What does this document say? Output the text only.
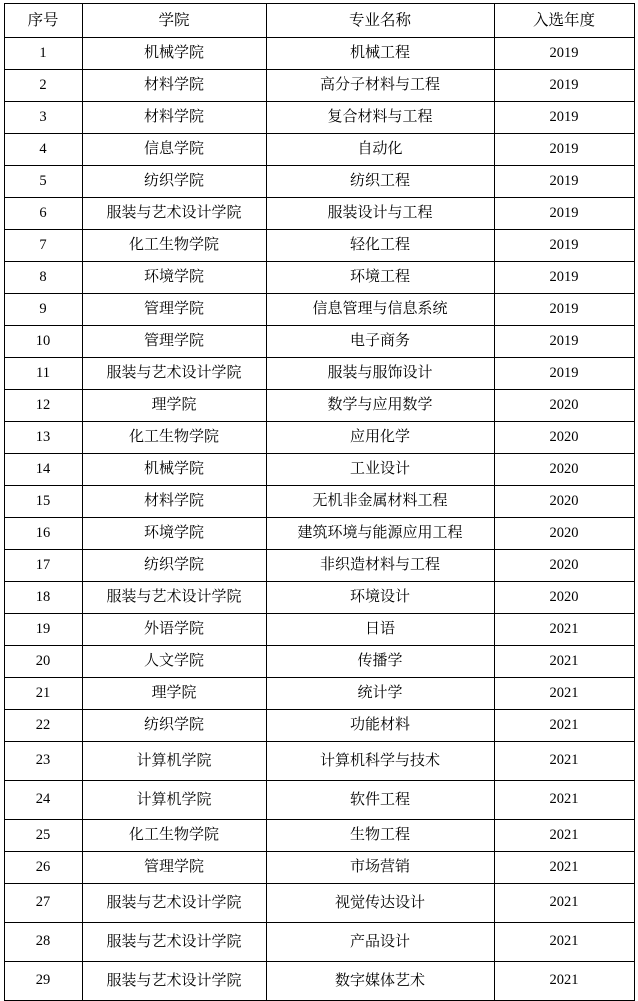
序号	学院	专业名称	入选年度
1	机械学院	机械工程	2019
2	材料学院	高分子材料与工程	2019
3	材料学院	复合材料与工程	2019
4	信息学院	自动化	2019
5	纺织学院	纺织工程	2019
6	服装与艺术设计学院	服装设计与工程	2019
7	化工生物学院	轻化工程	2019
8	环境学院	环境工程	2019
9	管理学院	信息管理与信息系统	2019
10	管理学院	电子商务	2019
11	服装与艺术设计学院	服装与服饰设计	2019
12	理学院	数学与应用数学	2020
13	化工生物学院	应用化学	2020
14	机械学院	工业设计	2020
15	材料学院	无机非金属材料工程	2020
16	环境学院	建筑环境与能源应用工程	2020
17	纺织学院	非织造材料与工程	2020
18	服装与艺术设计学院	环境设计	2020
19	外语学院	日语	2021
20	人文学院	传播学	2021
21	理学院	统计学	2021
22	纺织学院	功能材料	2021
23	计算机学院	计算机科学与技术	2021
24	计算机学院	软件工程	2021
25	化工生物学院	生物工程	2021
26	管理学院	市场营销	2021
27	服装与艺术设计学院	视觉传达设计	2021
28	服装与艺术设计学院	产品设计	2021
29	服装与艺术设计学院	数字媒体艺术	2021
